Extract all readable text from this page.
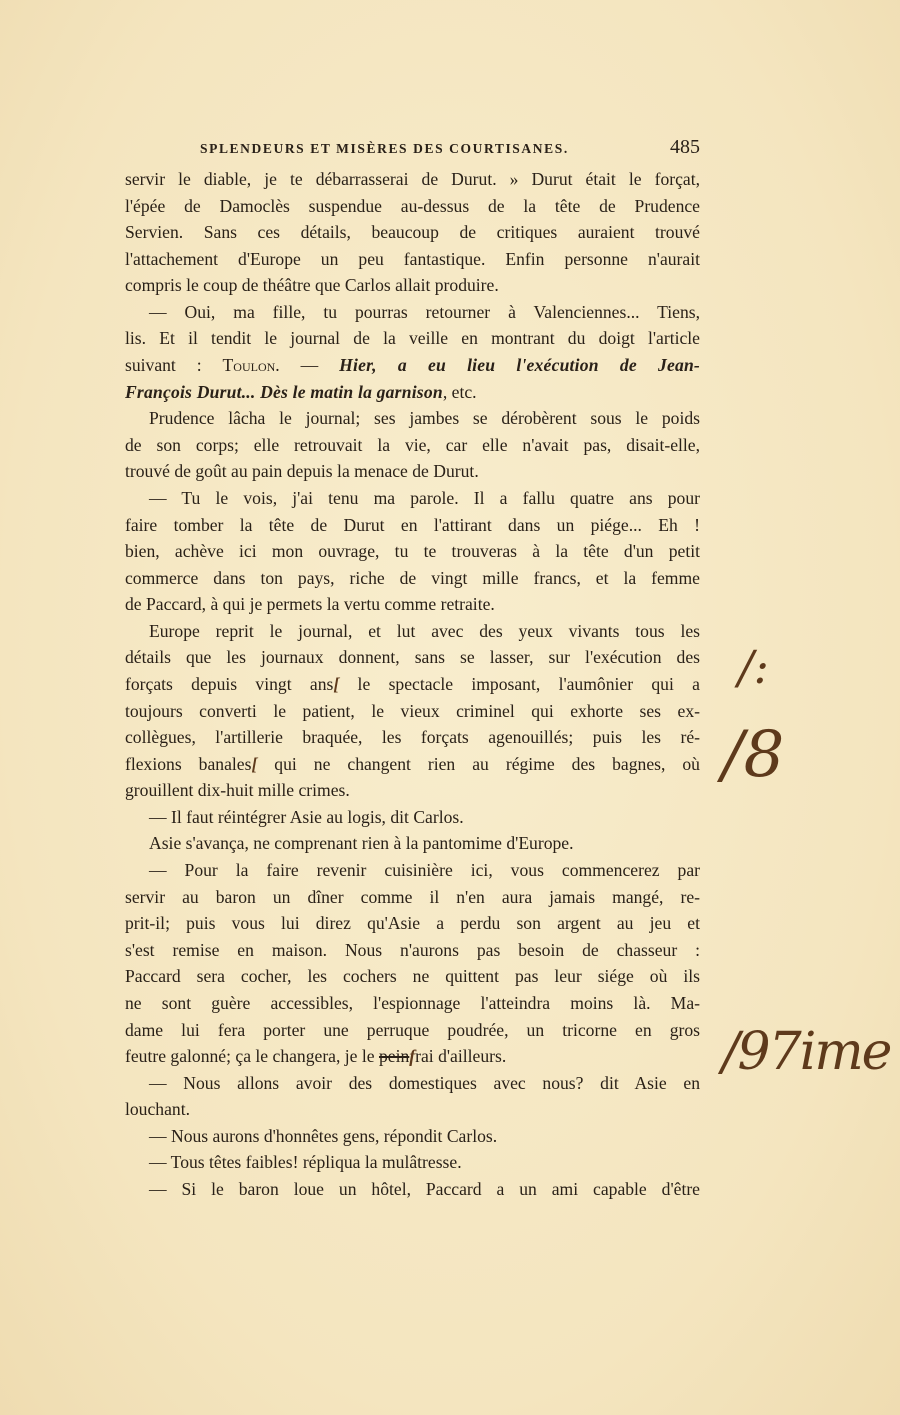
SPLENDEURS ET MISÈRES DES COURTISANES.	485
servir le diable, je te débarrasserai de Durut. » Durut était le forçat,
l'épée de Damoclès suspendue au-dessus de la tête de Prudence
Servien. Sans ces détails, beaucoup de critiques auraient trouvé
l'attachement d'Europe un peu fantastique. Enfin personne n'aurait
compris le coup de théâtre que Carlos allait produire.
— Oui, ma fille, tu pourras retourner à Valenciennes... Tiens,
lis. Et il tendit le journal de la veille en montrant du doigt l'article
suivant : Toulon. — Hier, a eu lieu l'exécution de Jean-
François Durut... Dès le matin la garnison, etc.
Prudence lâcha le journal; ses jambes se dérobèrent sous le poids
de son corps; elle retrouvait la vie, car elle n'avait pas, disait-elle,
trouvé de goût au pain depuis la menace de Durut.
— Tu le vois, j'ai tenu ma parole. Il a fallu quatre ans pour
faire tomber la tête de Durut en l'attirant dans un piége... Eh !
bien, achève ici mon ouvrage, tu te trouveras à la tête d'un petit
commerce dans ton pays, riche de vingt mille francs, et la femme
de Paccard, à qui je permets la vertu comme retraite.
Europe reprit le journal, et lut avec des yeux vivants tous les
détails que les journaux donnent, sans se lasser, sur l'exécution des
forçats depuis vingt ans[ le spectacle imposant, l'aumônier qui a
toujours converti le patient, le vieux criminel qui exhorte ses ex-
collègues, l'artillerie braquée, les forçats agenouillés; puis les ré-
flexions banales[ qui ne changent rien au régime des bagnes, où
grouillent dix-huit mille crimes.
— Il faut réintégrer Asie au logis, dit Carlos.
Asie s'avança, ne comprenant rien à la pantomime d'Europe.
— Pour la faire revenir cuisinière ici, vous commencerez par
servir au baron un dîner comme il n'en aura jamais mangé, re-
prit-il; puis vous lui direz qu'Asie a perdu son argent au jeu et
s'est remise en maison. Nous n'aurons pas besoin de chasseur :
Paccard sera cocher, les cochers ne quittent pas leur siége où ils
ne sont guère accessibles, l'espionnage l'atteindra moins là. Ma-
dame lui fera porter une perruque poudrée, un tricorne en gros
feutre galonné; ça le changera, je le peinfrai d'ailleurs.
— Nous allons avoir des domestiques avec nous? dit Asie en
louchant.
— Nous aurons d'honnêtes gens, répondit Carlos.
— Tous têtes faibles! répliqua la mulâtresse.
— Si le baron loue un hôtel, Paccard a un ami capable d'être
/:
/8
/97ime
